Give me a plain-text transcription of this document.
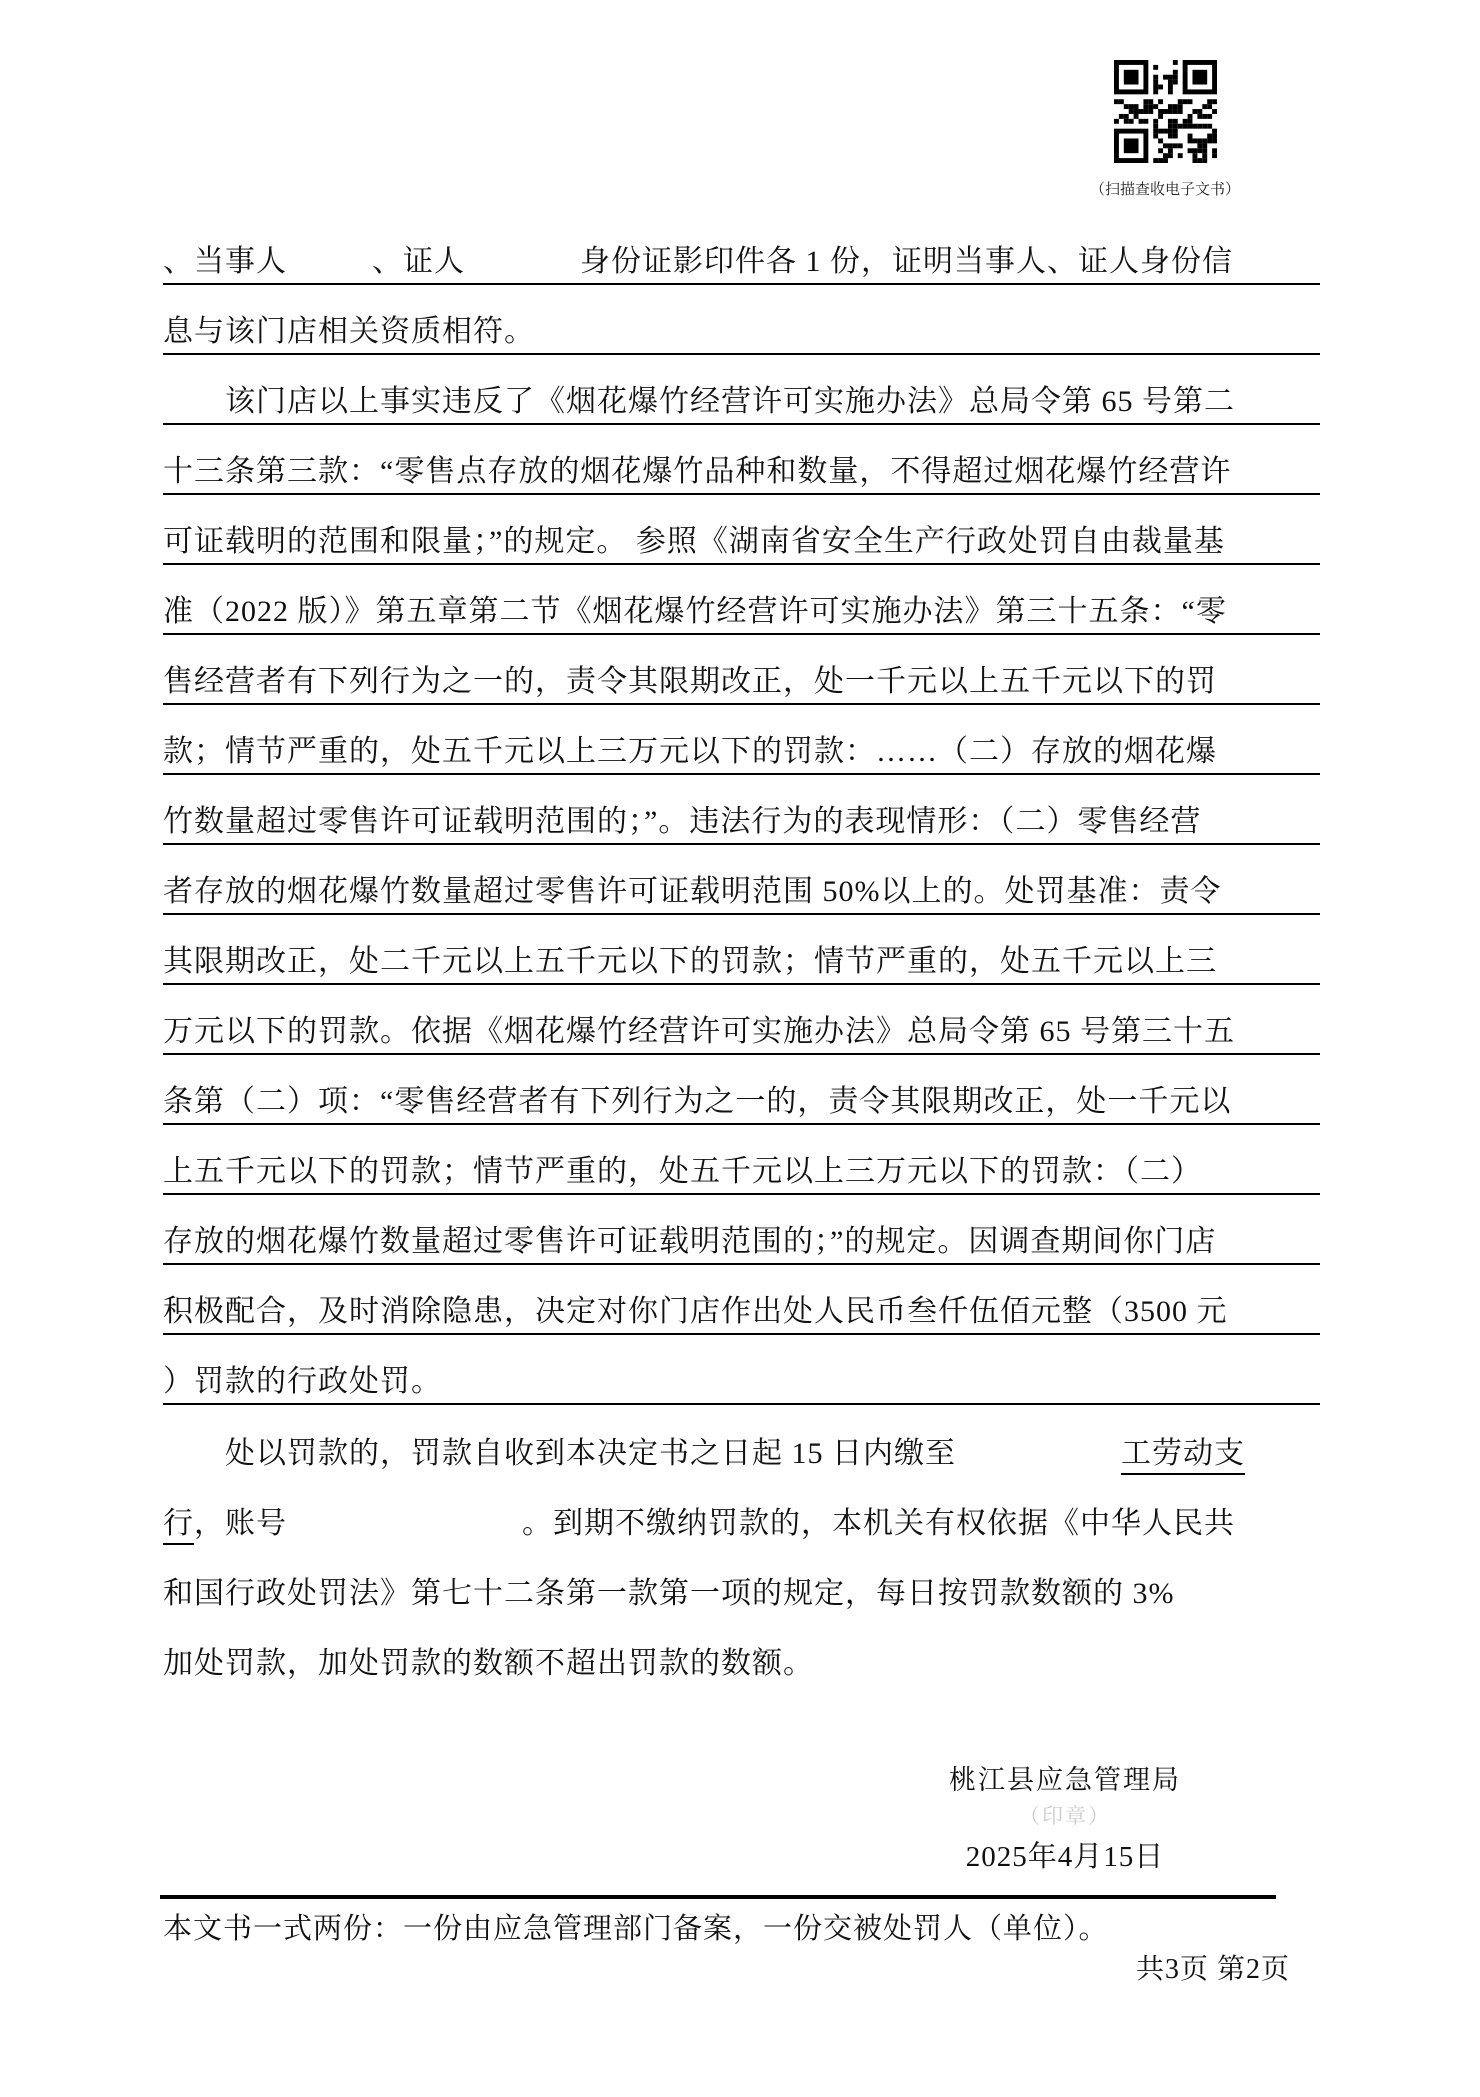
（扫描查收电子文书）
、当事人	、证人	身份证影印件各 1 份，证明当事人、证人身份信
息与该门店相关资质相符。
该门店以上事实违反了《烟花爆竹经营许可实施办法》总局令第 65 号第二
十三条第三款：“零售点存放的烟花爆竹品种和数量，不得超过烟花爆竹经营许
可证载明的范围和限量；”的规定。 参照《湖南省安全生产行政处罚自由裁量基
准（2022 版）》第五章第二节《烟花爆竹经营许可实施办法》第三十五条：“零
售经营者有下列行为之一的，责令其限期改正，处一千元以上五千元以下的罚
款；情节严重的，处五千元以上三万元以下的罚款：……（二）存放的烟花爆
竹数量超过零售许可证载明范围的；”。违法行为的表现情形：（二）零售经营
者存放的烟花爆竹数量超过零售许可证载明范围 50%以上的。处罚基准：责令
其限期改正，处二千元以上五千元以下的罚款；情节严重的，处五千元以上三
万元以下的罚款。依据《烟花爆竹经营许可实施办法》总局令第 65 号第三十五
条第（二）项：“零售经营者有下列行为之一的，责令其限期改正，处一千元以
上五千元以下的罚款；情节严重的，处五千元以上三万元以下的罚款：（二）
存放的烟花爆竹数量超过零售许可证载明范围的；”的规定。因调查期间你门店
积极配合，及时消除隐患，决定对你门店作出处人民币叁仟伍佰元整（3500 元
）罚款的行政处罚。
处以罚款的，罚款自收到本决定书之日起 15 日内缴至	工劳动支
行，账号	。到期不缴纳罚款的，本机关有权依据《中华人民共
和国行政处罚法》第七十二条第一款第一项的规定，每日按罚款数额的 3%
加处罚款，加处罚款的数额不超出罚款的数额。
桃江县应急管理局
（印章）
2025年4月15日
本文书一式两份：一份由应急管理部门备案，一份交被处罚人（单位）。
共3页 第2页
